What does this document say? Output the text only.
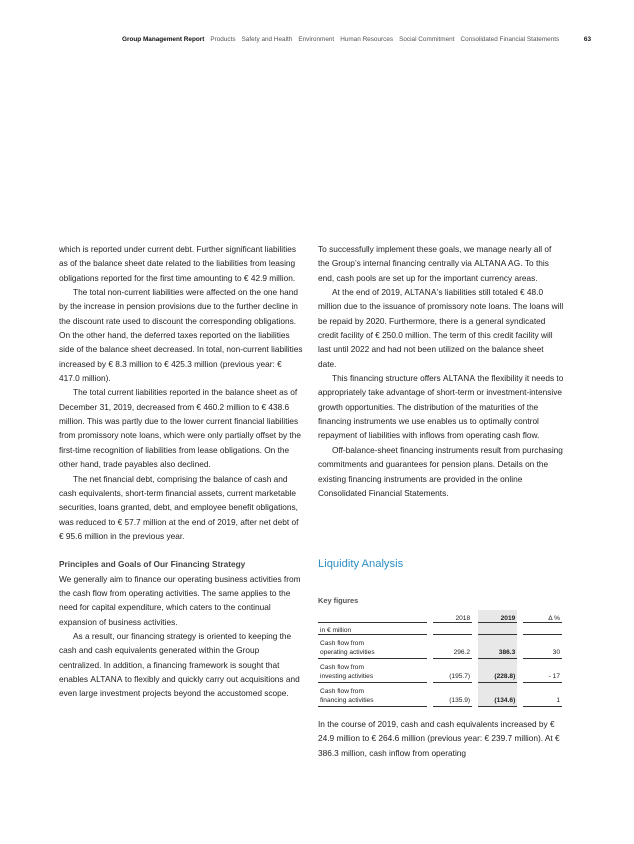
Group Management Report Products Safety and Health Environment Human Resources Social Commitment Consolidated Financial Statements	63

which is reported under current debt. Further significant liabilities as of the balance sheet date related to the liabilities from leasing obligations reported for the first time amounting to € 42.9 million.

The total non-current liabilities were affected on the one hand by the increase in pension provisions due to the further decline in the discount rate used to discount the corresponding obligations. On the other hand, the deferred taxes reported on the liabilities side of the balance sheet decreased. In total, non-current liabilities increased by € 8.3 million to € 425.3 million (previous year: € 417.0 million).

The total current liabilities reported in the balance sheet as of December 31, 2019, decreased from € 460.2 million to € 438.6 million. This was partly due to the lower current financial liabilities from promissory note loans, which were only partially offset by the first-time recognition of liabilities from lease obligations. On the other hand, trade payables also declined.

The net financial debt, comprising the balance of cash and cash equivalents, short-term financial assets, current marketable securities, loans granted, debt, and employee benefit obligations, was reduced to € 57.7 million at the end of 2019, after net debt of € 95.6 million in the previous year.

Principles and Goals of Our Financing Strategy

We generally aim to finance our operating business activities from the cash flow from operating activities. The same applies to the need for capital expenditure, which caters to the continual expansion of business activities.

As a result, our financing strategy is oriented to keeping the cash and cash equivalents generated within the Group centralized. In addition, a financing framework is sought that enables ALTANA to flexibly and quickly carry out acquisitions and even large investment projects beyond the accustomed scope.

To successfully implement these goals, we manage nearly all of the Group’s internal financing centrally via ALTANA AG. To this end, cash pools are set up for the important currency areas.

At the end of 2019, ALTANA’s liabilities still totaled € 48.0 million due to the issuance of promissory note loans. The loans will be repaid by 2020. Furthermore, there is a general syndicated credit facility of € 250.0 million. The term of this credit facility will last until 2022 and had not been utilized on the balance sheet date.

This financing structure offers ALTANA the flexibility it needs to appropriately take advantage of short-term or investment-intensive growth opportunities. The distribution of the maturities of the financing instruments we use enables us to optimally control repayment of liabilities with inflows from operating cash flow.

Off-balance-sheet financing instruments result from purchasing commitments and guarantees for pension plans. Details on the existing financing instruments are provided in the online Consolidated Financial Statements.

Liquidity Analysis
Key figures
		2018		2019		Δ %
in € million						
Cash flow from
operating activities		296.2		386.3		30
Cash flow from
investing activities		(195.7)		(228.8)		- 17
Cash flow from
financing activities		(135.9)		(134.6)		1

In the course of 2019, cash and cash equivalents increased by € 24.9 million to € 264.6 million (previous year: € 239.7 million). At € 386.3 million, cash inflow from operating
